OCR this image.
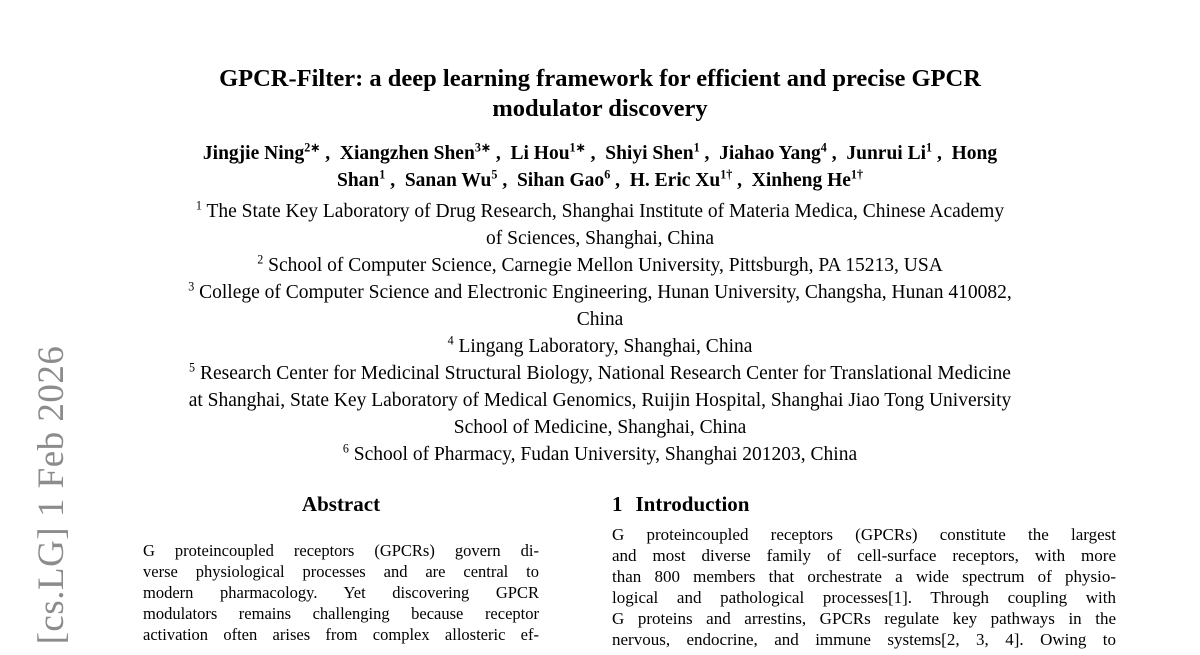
[cs.LG] 1 Feb 2026
GPCR-Filter: a deep learning framework for efficient and precise GPCR
modulator discovery
Jingjie Ning$^{2∗}$ ,  Xiangzhen Shen$^{3∗}$ ,  Li Hou$^{1∗}$ ,  Shiyi Shen$^1$ ,  Jiahao Yang$^4$ ,  Junrui Li$^1$ ,  Hong
Shan$^1$ ,  Sanan Wu$^5$ ,  Sihan Gao$^6$ ,  H. Eric $Xu^{1\dagger}$ ,  Xinheng $He^{1\dagger}$
$^1$ The State Key Laboratory of Drug Research, Shanghai Institute of Materia Medica, Chinese Academy
of Sciences, Shanghai, China
$^2$ School of Computer Science, Carnegie Mellon University, Pittsburgh, PA 15213, USA
$^3$ College of Computer Science and Electronic Engineering, Hunan University, Changsha, Hunan 410082,
China
$^4$ Lingang Laboratory, Shanghai, China
$^5$ Research Center for Medicinal Structural Biology, National Research Center for Translational Medicine
at Shanghai, State Key Laboratory of Medical Genomics, Ruijin Hospital, Shanghai Jiao Tong University
School of Medicine, Shanghai, China
$^6$ School of Pharmacy, Fudan University, Shanghai 201203, China
Abstract
G proteincoupled receptors (GPCRs) govern di-
verse physiological processes and are central to
modern pharmacology. Yet discovering GPCR
modulators remains challenging because receptor
activation often arises from complex allosteric ef-
1 Introduction
G proteincoupled receptors (GPCRs) constitute the largest
and most diverse family of cell-surface receptors, with more
than 800 members that orchestrate a wide spectrum of physio-
logical and pathological processes[1]. Through coupling with
G proteins and arrestins, GPCRs regulate key pathways in the
nervous, endocrine, and immune systems[2, 3, 4]. Owing to
